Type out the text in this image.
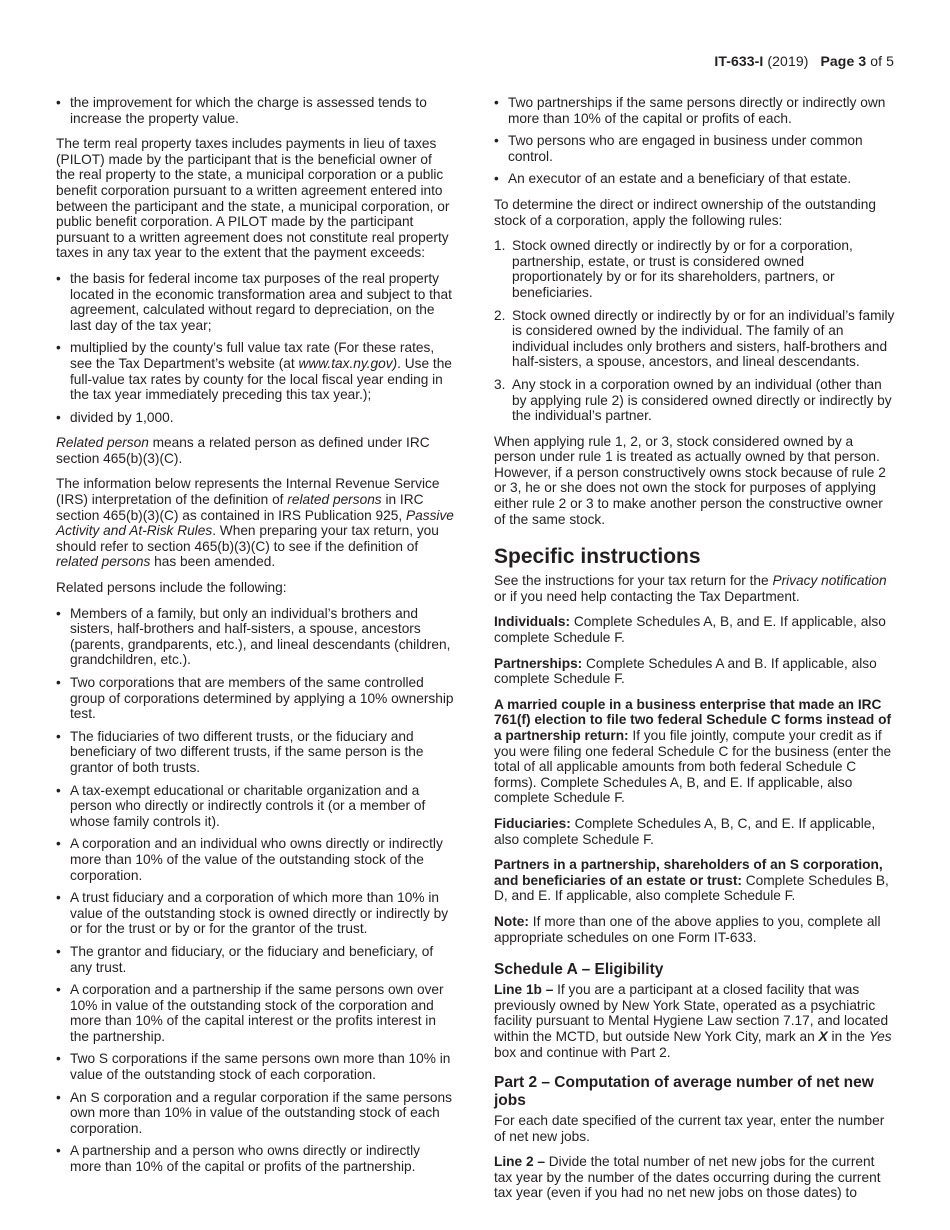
IT-633-I (2019) Page 3 of 5
• the improvement for which the charge is assessed tends to increase the property value.

The term real property taxes includes payments in lieu of taxes (PILOT) made by the participant that is the beneficial owner of the real property to the state, a municipal corporation or a public benefit corporation pursuant to a written agreement entered into between the participant and the state, a municipal corporation, or public benefit corporation. A PILOT made by the participant pursuant to a written agreement does not constitute real property taxes in any tax year to the extent that the payment exceeds:

• the basis for federal income tax purposes of the real property located in the economic transformation area and subject to that agreement, calculated without regard to depreciation, on the last day of the tax year;
• multiplied by the county’s full value tax rate (For these rates, see the Tax Department’s website (at www.tax.ny.gov). Use the full-value tax rates by county for the local fiscal year ending in the tax year immediately preceding this tax year.);
• divided by 1,000.

Related person means a related person as defined under IRC section 465(b)(3)(C).

The information below represents the Internal Revenue Service (IRS) interpretation of the definition of related persons in IRC section 465(b)(3)(C) as contained in IRS Publication 925, Passive Activity and At-Risk Rules. When preparing your tax return, you should refer to section 465(b)(3)(C) to see if the definition of related persons has been amended.

Related persons include the following:

• Members of a family, but only an individual’s brothers and sisters, half-brothers and half-sisters, a spouse, ancestors (parents, grandparents, etc.), and lineal descendants (children, grandchildren, etc.).
• Two corporations that are members of the same controlled group of corporations determined by applying a 10% ownership test.
• The fiduciaries of two different trusts, or the fiduciary and beneficiary of two different trusts, if the same person is the grantor of both trusts.
• A tax-exempt educational or charitable organization and a person who directly or indirectly controls it (or a member of whose family controls it).
• A corporation and an individual who owns directly or indirectly more than 10% of the value of the outstanding stock of the corporation.
• A trust fiduciary and a corporation of which more than 10% in value of the outstanding stock is owned directly or indirectly by or for the trust or by or for the grantor of the trust.
• The grantor and fiduciary, or the fiduciary and beneficiary, of any trust.
• A corporation and a partnership if the same persons own over 10% in value of the outstanding stock of the corporation and more than 10% of the capital interest or the profits interest in the partnership.
• Two S corporations if the same persons own more than 10% in value of the outstanding stock of each corporation.
• An S corporation and a regular corporation if the same persons own more than 10% in value of the outstanding stock of each corporation.
• A partnership and a person who owns directly or indirectly more than 10% of the capital or profits of the partnership.
• Two partnerships if the same persons directly or indirectly own more than 10% of the capital or profits of each.
• Two persons who are engaged in business under common control.
• An executor of an estate and a beneficiary of that estate.

To determine the direct or indirect ownership of the outstanding stock of a corporation, apply the following rules:

1. Stock owned directly or indirectly by or for a corporation, partnership, estate, or trust is considered owned proportionately by or for its shareholders, partners, or beneficiaries.
2. Stock owned directly or indirectly by or for an individual’s family is considered owned by the individual. The family of an individual includes only brothers and sisters, half-brothers and half-sisters, a spouse, ancestors, and lineal descendants.
3. Any stock in a corporation owned by an individual (other than by applying rule 2) is considered owned directly or indirectly by the individual’s partner.

When applying rule 1, 2, or 3, stock considered owned by a person under rule 1 is treated as actually owned by that person. However, if a person constructively owns stock because of rule 2 or 3, he or she does not own the stock for purposes of applying either rule 2 or 3 to make another person the constructive owner of the same stock.

Specific instructions

See the instructions for your tax return for the Privacy notification or if you need help contacting the Tax Department.

Individuals: Complete Schedules A, B, and E. If applicable, also complete Schedule F.

Partnerships: Complete Schedules A and B. If applicable, also complete Schedule F.

A married couple in a business enterprise that made an IRC 761(f) election to file two federal Schedule C forms instead of a partnership return: If you file jointly, compute your credit as if you were filing one federal Schedule C for the business (enter the total of all applicable amounts from both federal Schedule C forms). Complete Schedules A, B, and E. If applicable, also complete Schedule F.

Fiduciaries: Complete Schedules A, B, C, and E. If applicable, also complete Schedule F.

Partners in a partnership, shareholders of an S corporation, and beneficiaries of an estate or trust: Complete Schedules B, D, and E. If applicable, also complete Schedule F.

Note: If more than one of the above applies to you, complete all appropriate schedules on one Form IT-633.

Schedule A – Eligibility

Line 1b – If you are a participant at a closed facility that was previously owned by New York State, operated as a psychiatric facility pursuant to Mental Hygiene Law section 7.17, and located within the MCTD, but outside New York City, mark an X in the Yes box and continue with Part 2.

Part 2 – Computation of average number of net new jobs

For each date specified of the current tax year, enter the number of net new jobs.

Line 2 – Divide the total number of net new jobs for the current tax year by the number of the dates occurring during the current tax year (even if you had no net new jobs on those dates) to
